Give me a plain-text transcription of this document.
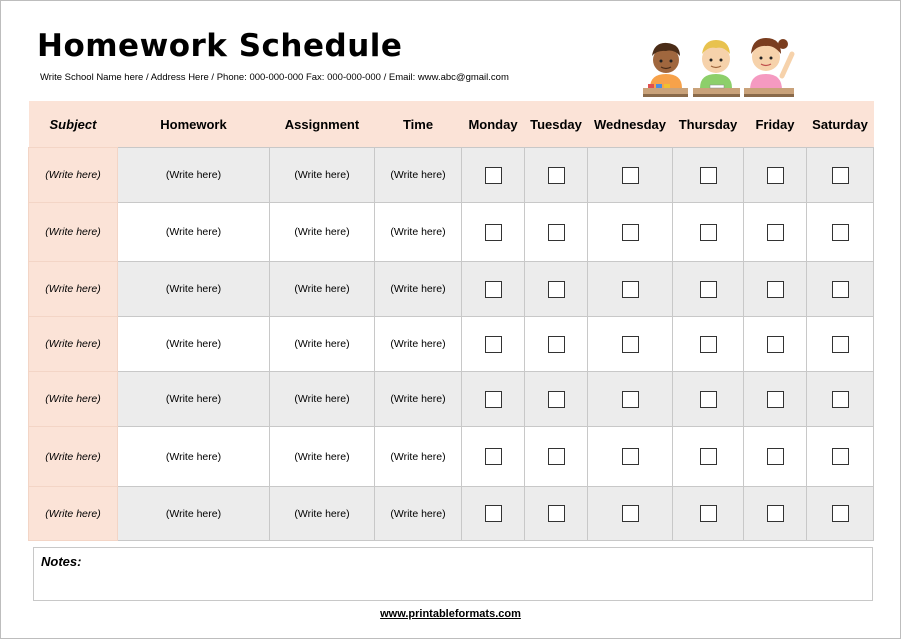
Homework Schedule
Write School Name here / Address Here / Phone: 000-000-000 Fax: 000-000-000 / Email: www.abc@gmail.com
Subject	Homework	Assignment	Time	Monday	Tuesday	Wednesday	Thursday	Friday	Saturday
(Write here)	(Write here)	(Write here)	(Write here)						
(Write here)	(Write here)	(Write here)	(Write here)						
(Write here)	(Write here)	(Write here)	(Write here)						
(Write here)	(Write here)	(Write here)	(Write here)						
(Write here)	(Write here)	(Write here)	(Write here)						
(Write here)	(Write here)	(Write here)	(Write here)						
(Write here)	(Write here)	(Write here)	(Write here)						
Notes:
www.printableformats.com
